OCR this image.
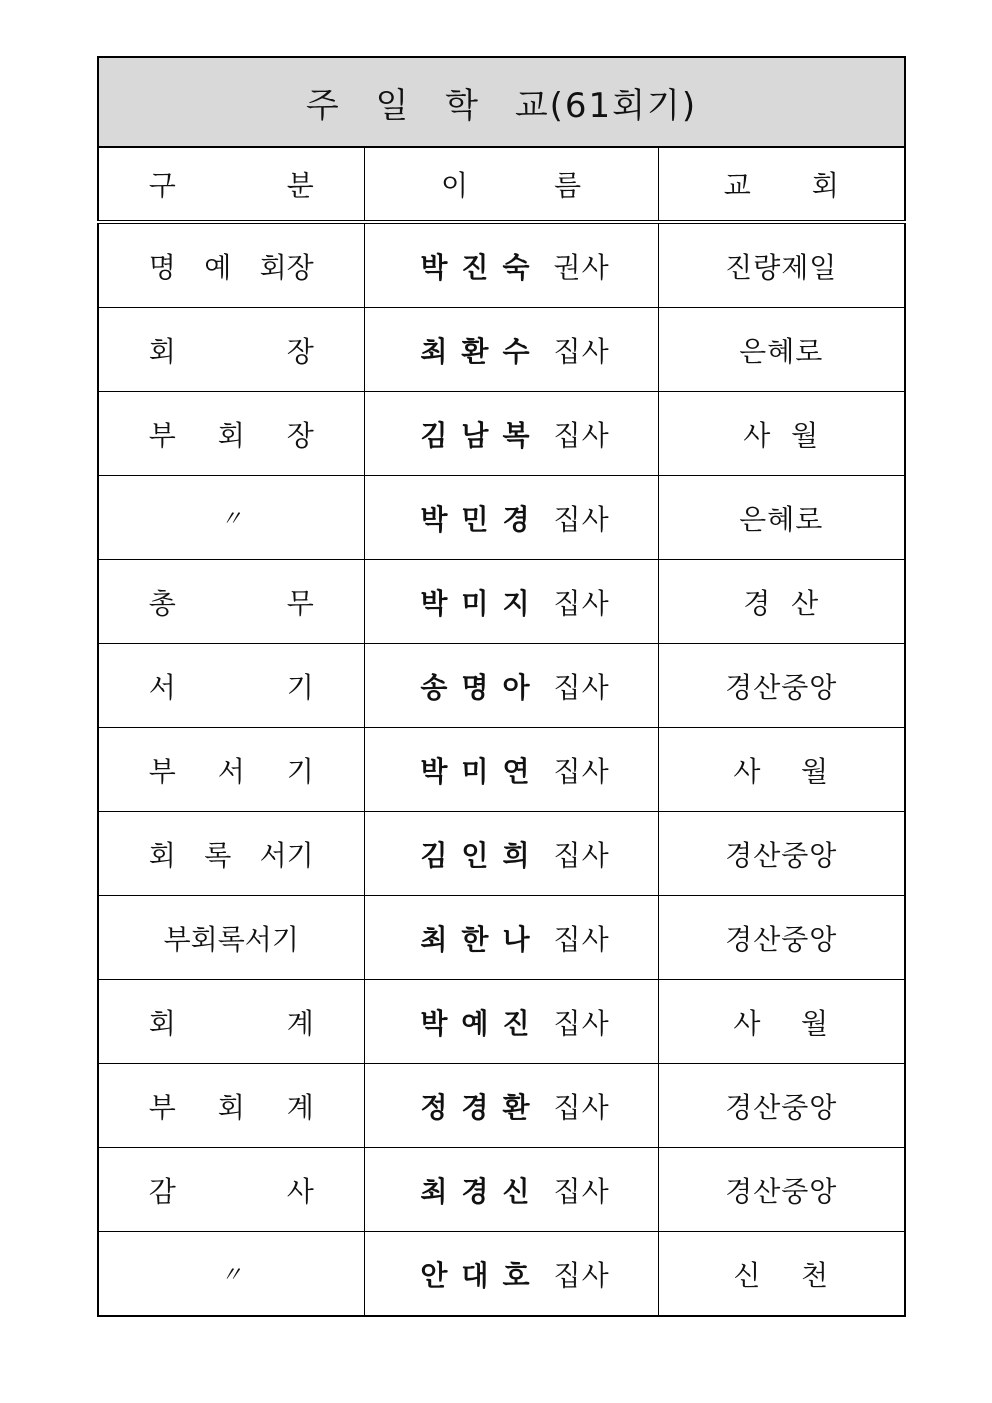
주 일 학 교(61회기)		

구 분	이 름	교 회

명 예 회장	박진숙 권사	진량제일

회 장	최환수 집사	은혜로

부 회 장	김남복 집사	사  월

〃	박민경 집사	은혜로

총 무	박미지 집사	경  산

서 기	송명아 집사	경산중앙

부 서 기	박미연 집사	사    월

회 록 서기	김인희 집사	경산중앙

부회록서기	최한나 집사	경산중앙

회 계	박예진 집사	사    월

부 회 계	정경환 집사	경산중앙

감 사	최경신 집사	경산중앙

〃	안대호 집사	신    천
